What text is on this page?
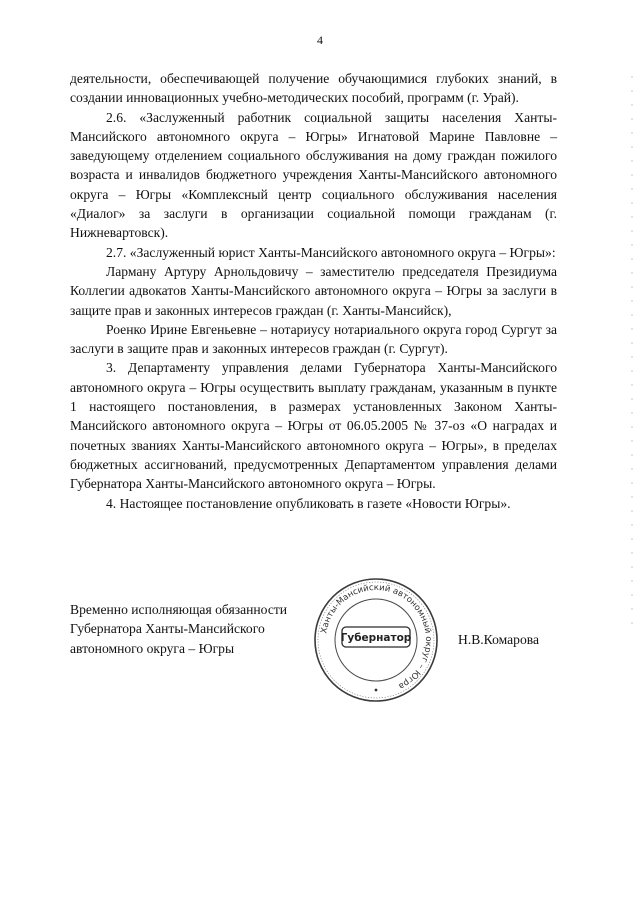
4

деятельности, обеспечивающей получение обучающимися глубоких знаний, в создании инновационных учебно-методических пособий, программ (г. Урай).

2.6. «Заслуженный работник социальной защиты населения Ханты-Мансийского автономного округа – Югры» Игнатовой Марине Павловне – заведующему отделением социального обслуживания на дому граждан пожилого возраста и инвалидов бюджетного учреждения Ханты-Мансийского автономного округа – Югры «Комплексный центр социального обслуживания населения «Диалог» за заслуги в организации социальной помощи гражданам (г. Нижневартовск).

2.7. «Заслуженный юрист Ханты-Мансийского автономного округа – Югры»:

Ларману Артуру Арнольдовичу – заместителю председателя Президиума Коллегии адвокатов Ханты-Мансийского автономного округа – Югры за заслуги в защите прав и законных интересов граждан (г. Ханты-Мансийск),

Роенко Ирине Евгеньевне – нотариусу нотариального округа город Сургут за заслуги в защите прав и законных интересов граждан (г. Сургут).

3. Департаменту управления делами Губернатора Ханты-Мансийского автономного округа – Югры осуществить выплату гражданам, указанным в пункте 1 настоящего постановления, в размерах установленных Законом Ханты-Мансийского автономного округа – Югры от 06.05.2005 № 37-оз «О наградах и почетных званиях Ханты-Мансийского автономного округа – Югры», в пределах бюджетных ассигнований, предусмотренных Департаментом управления делами Губернатора Ханты-Мансийского автономного округа – Югры.

4. Настоящее постановление опубликовать в газете «Новости Югры».

Временно исполняющая обязанности
Губернатора Ханты-Мансийского
автономного округа – Югры
Ханты-Мансийский автономный округ – Югра
Губернатор	Н.В.Комарова
